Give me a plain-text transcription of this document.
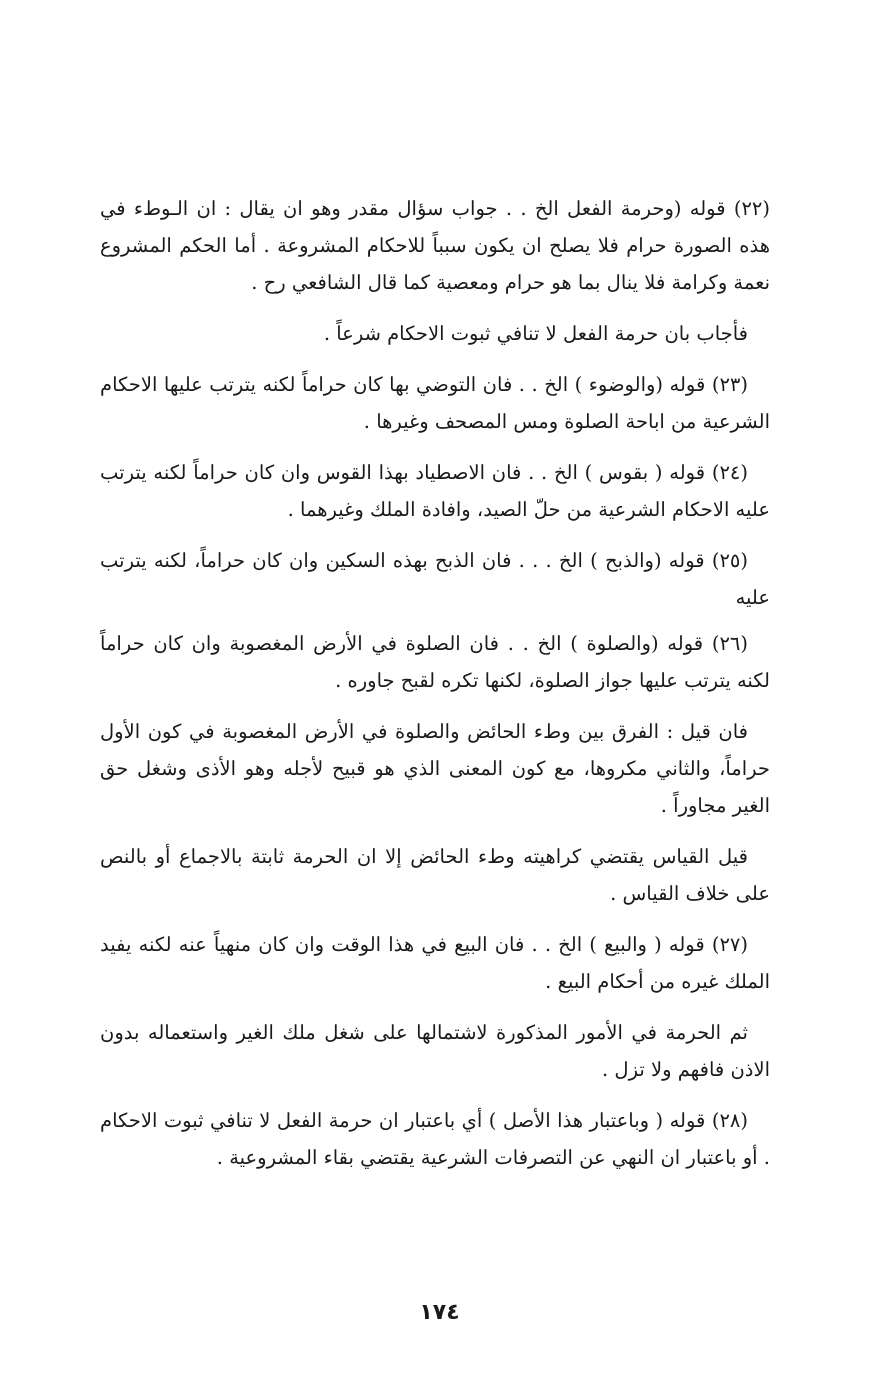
(٢٢) قوله (وحرمة الفعل الخ . . جواب سؤال مقدر وهو ان يقال : ان الـوطء في هذه الصورة حرام فلا يصلح ان يكون سبباً للاحكام المشروعة . أما الحكم المشروع نعمة وكرامة فلا ينال بما هو حرام ومعصية كما قال الشافعي رح .

فأجاب بان حرمة الفعل لا تنافي ثبوت الاحكام شرعاً .

(٢٣) قوله (والوضوء ) الخ . . فان التوضي بها كان حراماً لكنه يترتب عليها الاحكام الشرعية من اباحة الصلوة ومس المصحف وغيرها .

(٢٤) قوله ( بقوس ) الخ . . فان الاصطياد بهذا القوس وان كان حراماً لكنه يترتب عليه الاحكام الشرعية من حلّ الصيد، وافادة الملك وغيرهما .

(٢٥) قوله (والذبح ) الخ . . . فان الذبح بهذه السكين وان كان حراماً، لكنه يترتب عليه

(٢٦) قوله (والصلوة ) الخ . . فان الصلوة في الأرض المغصوبة وان كان حراماً لكنه يترتب عليها جواز الصلوة، لكنها تكره لقبح جاوره .

فان قيل : الفرق بين وطء الحائض والصلوة في الأرض المغصوبة في كون الأول حراماً، والثاني مكروها، مع كون المعنى الذي هو قبيح لأجله وهو الأذى وشغل حق الغير مجاوراً .

قيل القياس يقتضي كراهيته وطء الحائض إلا ان الحرمة ثابتة بالاجماع أو بالنص على خلاف القياس .

(٢٧) قوله ( والبيع ) الخ . . فان البيع في هذا الوقت وان كان منهياً عنه لكنه يفيد الملك غيره من أحكام البيع .

ثم الحرمة في الأمور المذكورة لاشتمالها على شغل ملك الغير واستعماله بدون الاذن فافهم ولا تزل .

(٢٨) قوله ( وباعتبار هذا الأصل ) أي باعتبار ان حرمة الفعل لا تنافي ثبوت الاحكام . أو باعتبار ان النهي عن التصرفات الشرعية يقتضي بقاء المشروعية .

١٧٤
